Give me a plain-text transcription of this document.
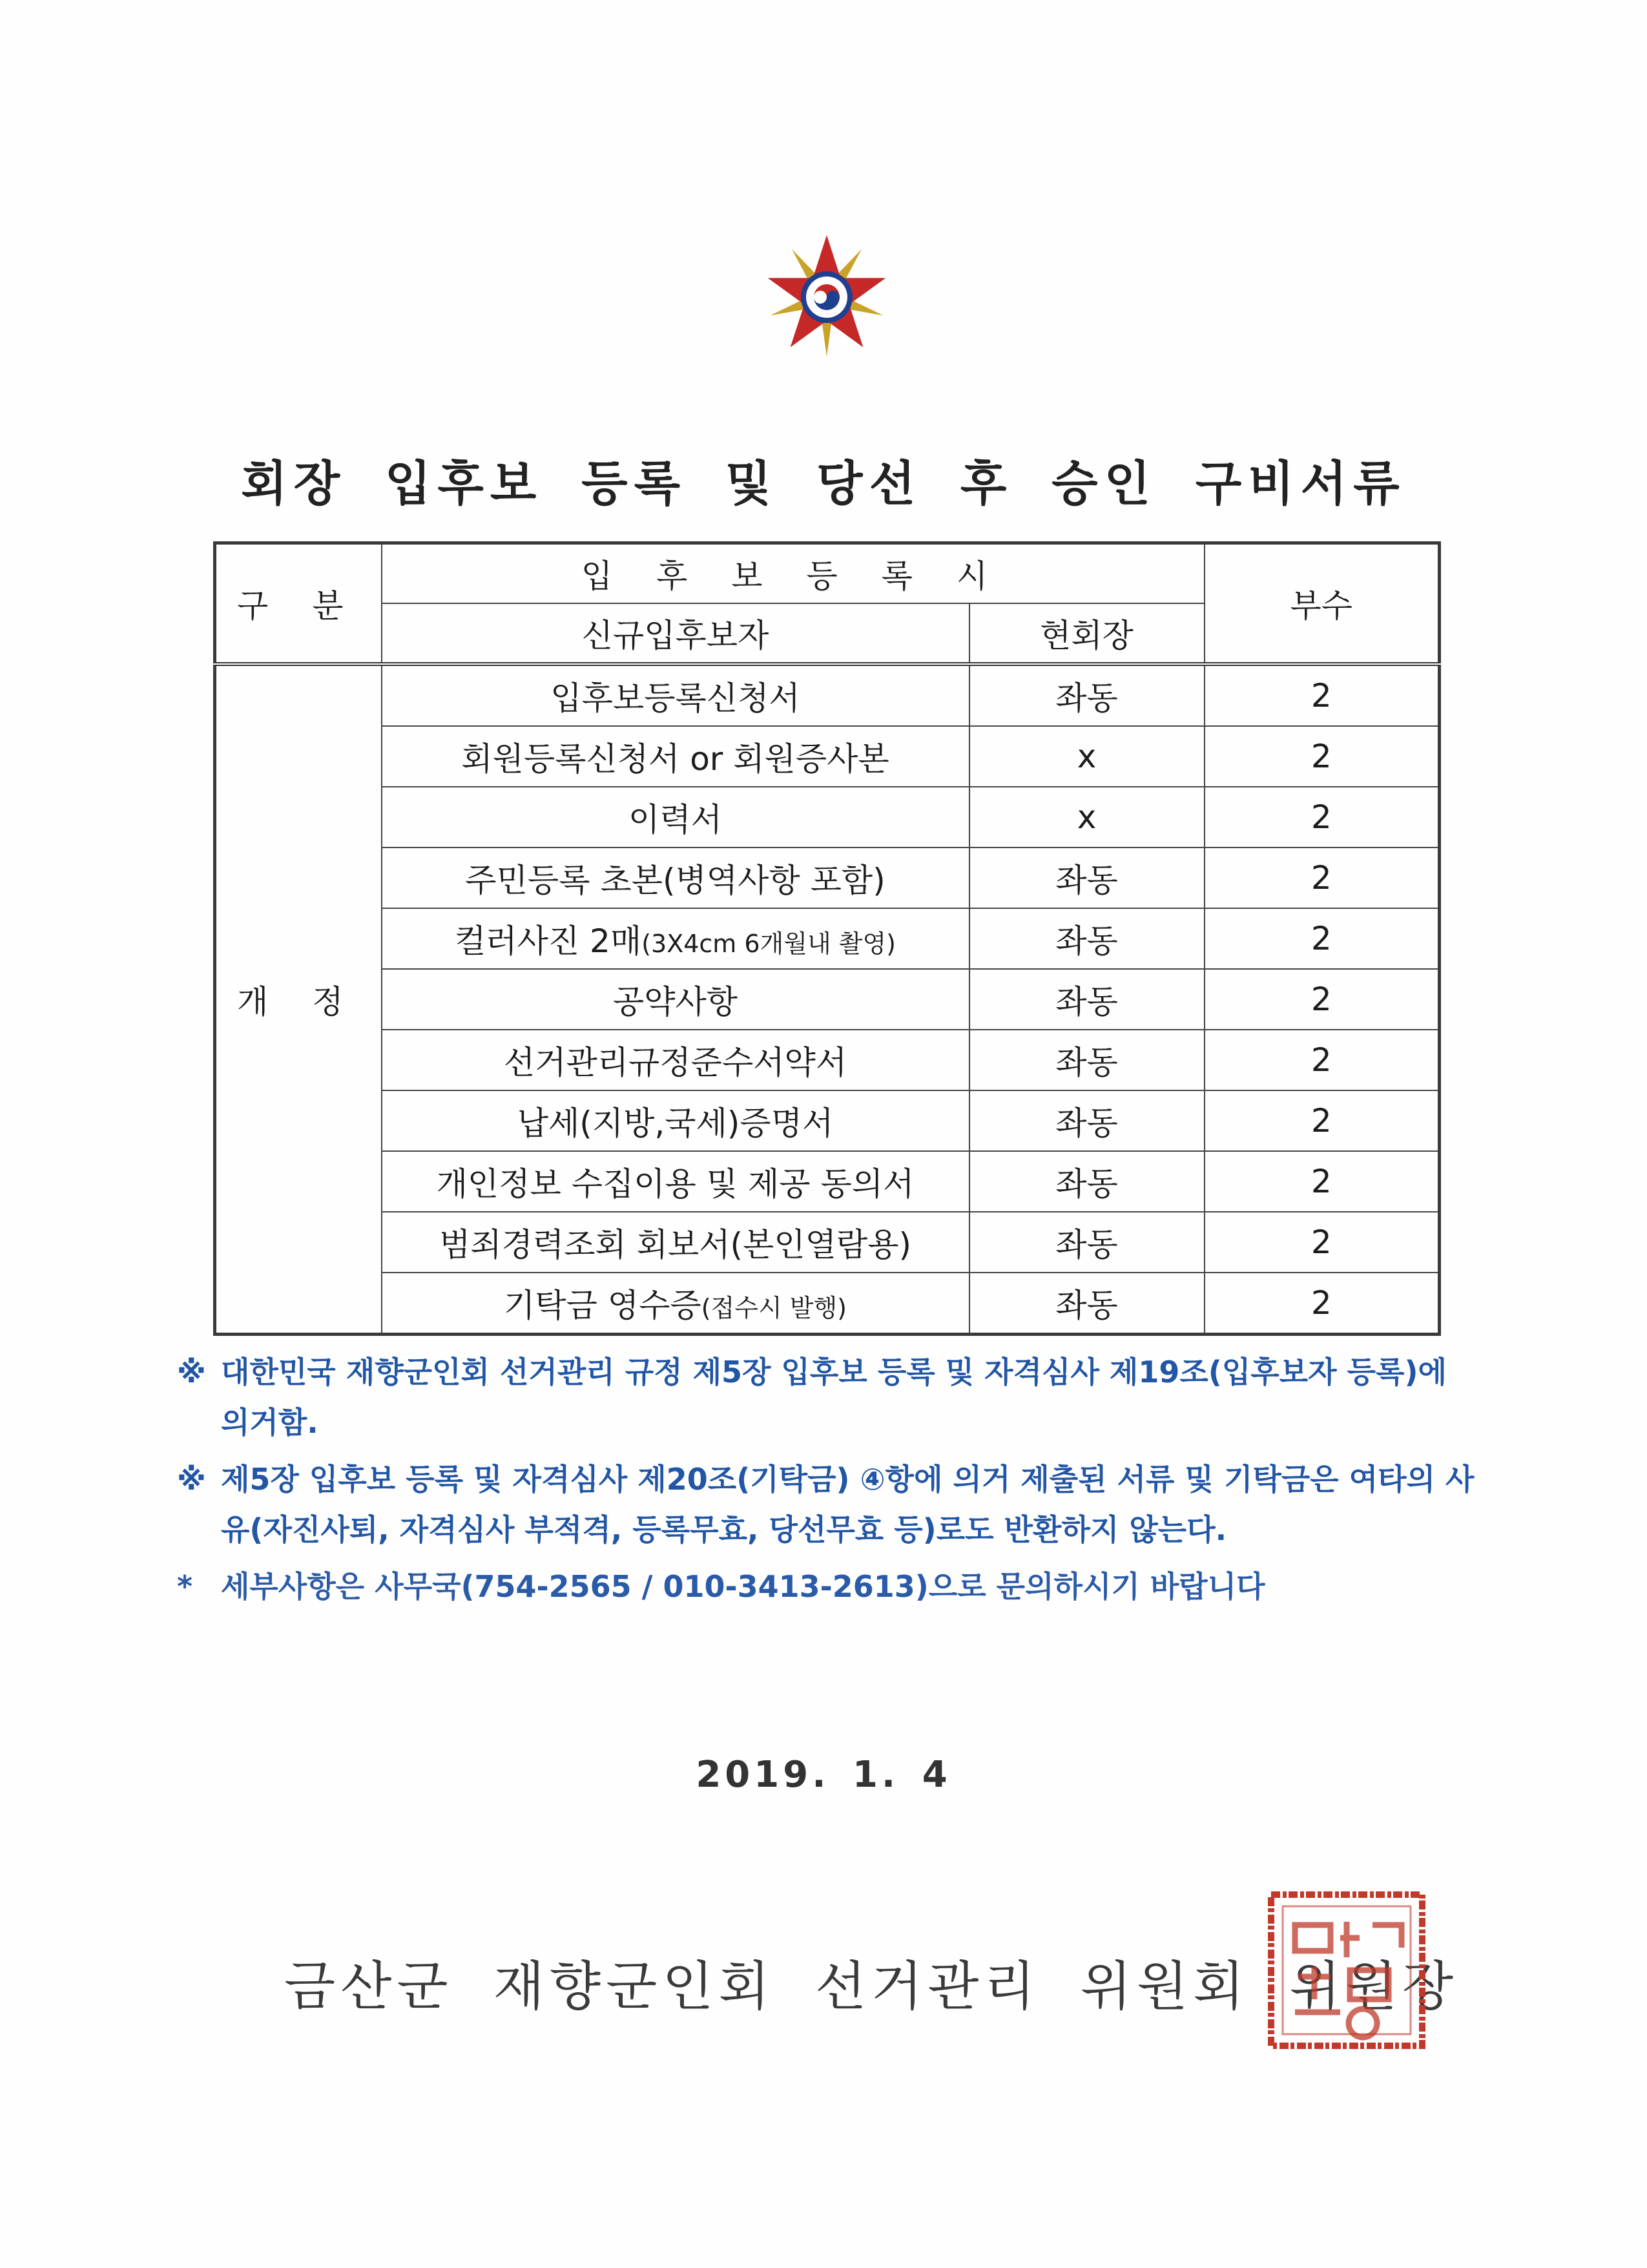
회장 입후보 등록 및 당선 후 승인 구비서류
구 분	입 후 보 등 록 시		부수
	신규입후보자	현회장	
개 정	입후보등록신청서	좌동	2
	회원등록신청서 or 회원증사본	x	2
	이력서	x	2
	주민등록 초본(병역사항 포함)	좌동	2
	컬러사진 2매(3X4cm 6개월내 촬영)	좌동	2
	공약사항	좌동	2
	선거관리규정준수서약서	좌동	2
	납세(지방,국세)증명서	좌동	2
	개인정보 수집이용 및 제공 동의서	좌동	2
	범죄경력조회 회보서(본인열람용)	좌동	2
	기탁금 영수증(접수시 발행)	좌동	2
※ 대한민국 재향군인회 선거관리 규정 제5장 입후보 등록 및 자격심사 제19조(입후보자 등록)에 의거함.
※ 제5장 입후보 등록 및 자격심사 제20조(기탁금) ④항에 의거 제출된 서류 및 기탁금은 여타의 사유(자진사퇴, 자격심사 부적격, 등록무효, 당선무효 등)로도 반환하지 않는다.
* 세부사항은 사무국(754-2565 / 010-3413-2613)으로 문의하시기 바랍니다
2019. 1. 4
금산군 재향군인회 선거관리 위원회 위원장
